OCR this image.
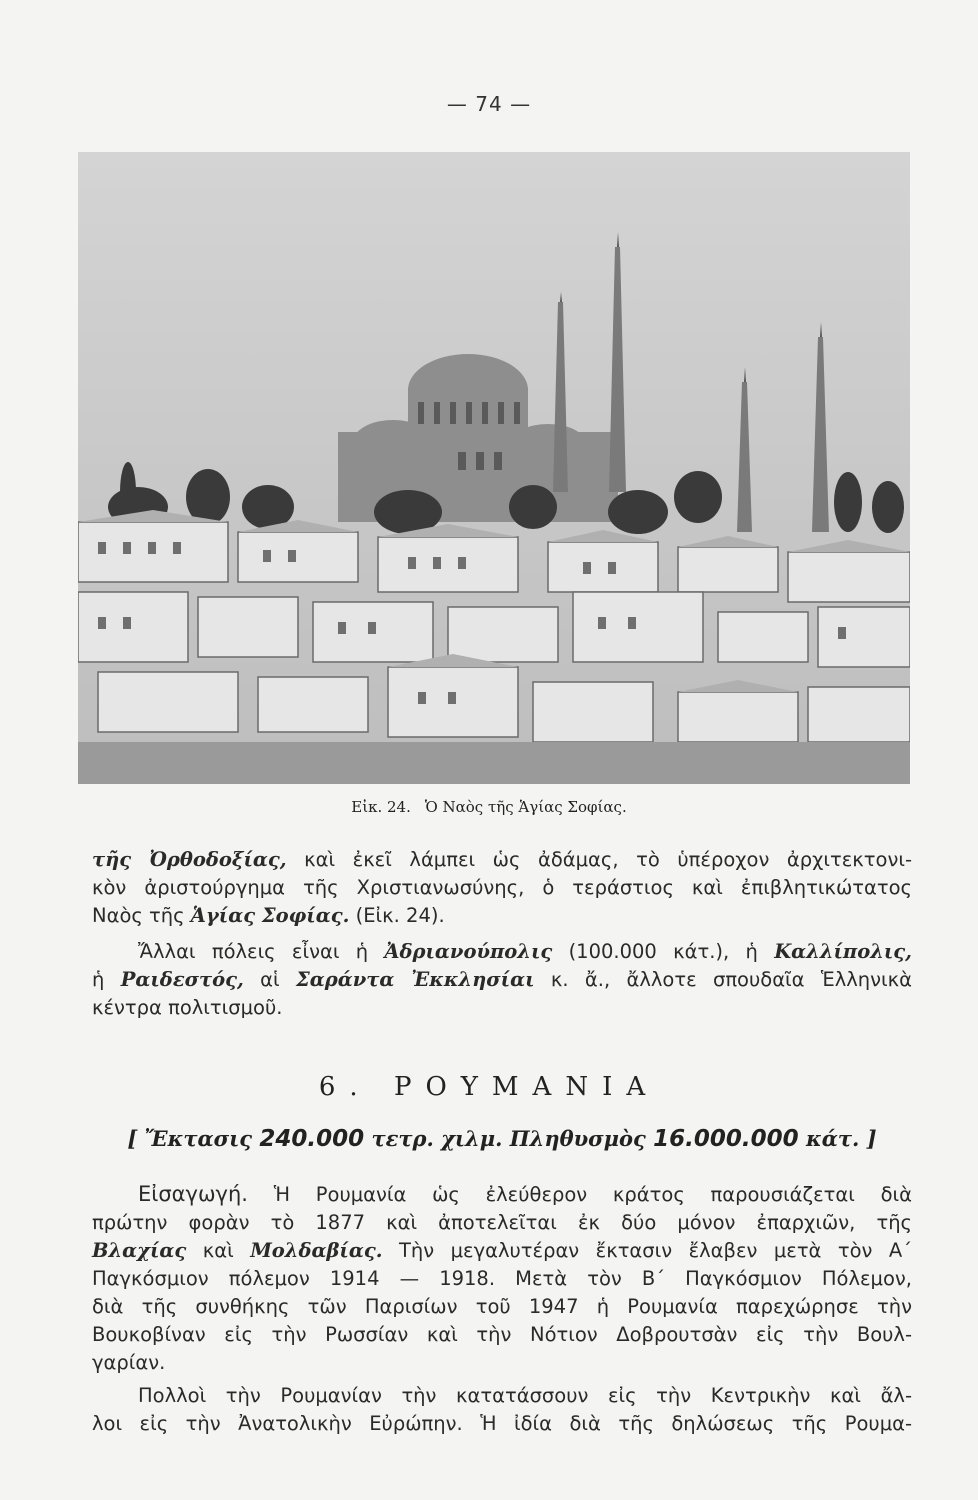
— 74 —
Εἰκ. 24. Ὁ Ναὸς τῆς Ἁγίας Σοφίας.
τῆς Ὀρθοδοξίας, καὶ ἐκεῖ λάμπει ὡς ἀδάμας, τὸ ὑπέροχον ἀρχιτεκτονι-
κὸν ἀριστούργημα τῆς Χριστιανωσύνης, ὁ τεράστιος καὶ ἐπιβλητικώτατος
Ναὸς τῆς Ἁγίας Σοφίας. (Εἰκ. 24).
Ἄλλαι πόλεις εἶναι ἡ Ἀδριανούπολις (100.000 κάτ.), ἡ Καλλίπολις,
ἡ Ραιδεστός, αἱ Σαράντα Ἐκκλησίαι κ. ἄ., ἄλλοτε σπουδαῖα Ἑλληνικὰ
κέντρα πολιτισμοῦ.
6. ΡΟΥΜΑΝΙΑ
[ Ἔκτασις 240.000 τετρ. χιλμ. Πληθυσμὸς 16.000.000 κάτ. ]
Εἰσαγωγή. Ἡ Ρουμανία ὡς ἐλεύθερον κράτος παρουσιάζεται διὰ
πρώτην φορὰν τὸ 1877 καὶ ἀποτελεῖται ἐκ δύο μόνον ἐπαρχιῶν, τῆς
Βλαχίας καὶ Μολδαβίας. Τὴν μεγαλυτέραν ἔκτασιν ἔλαβεν μετὰ τὸν Α΄
Παγκόσμιον πόλεμον 1914 — 1918. Μετὰ τὸν Β΄ Παγκόσμιον Πόλεμον,
διὰ τῆς συνθήκης τῶν Παρισίων τοῦ 1947 ἡ Ρουμανία παρεχώρησε τὴν
Βουκοβίναν εἰς τὴν Ρωσσίαν καὶ τὴν Νότιον Δοβρουτσὰν εἰς τὴν Βουλ-
γαρίαν.
Πολλοὶ τὴν Ρουμανίαν τὴν κατατάσσουν εἰς τὴν Κεντρικὴν καὶ ἄλ-
λοι εἰς τὴν Ἀνατολικὴν Εὐρώπην. Ἡ ἰδία διὰ τῆς δηλώσεως τῆς Ρουμα-
